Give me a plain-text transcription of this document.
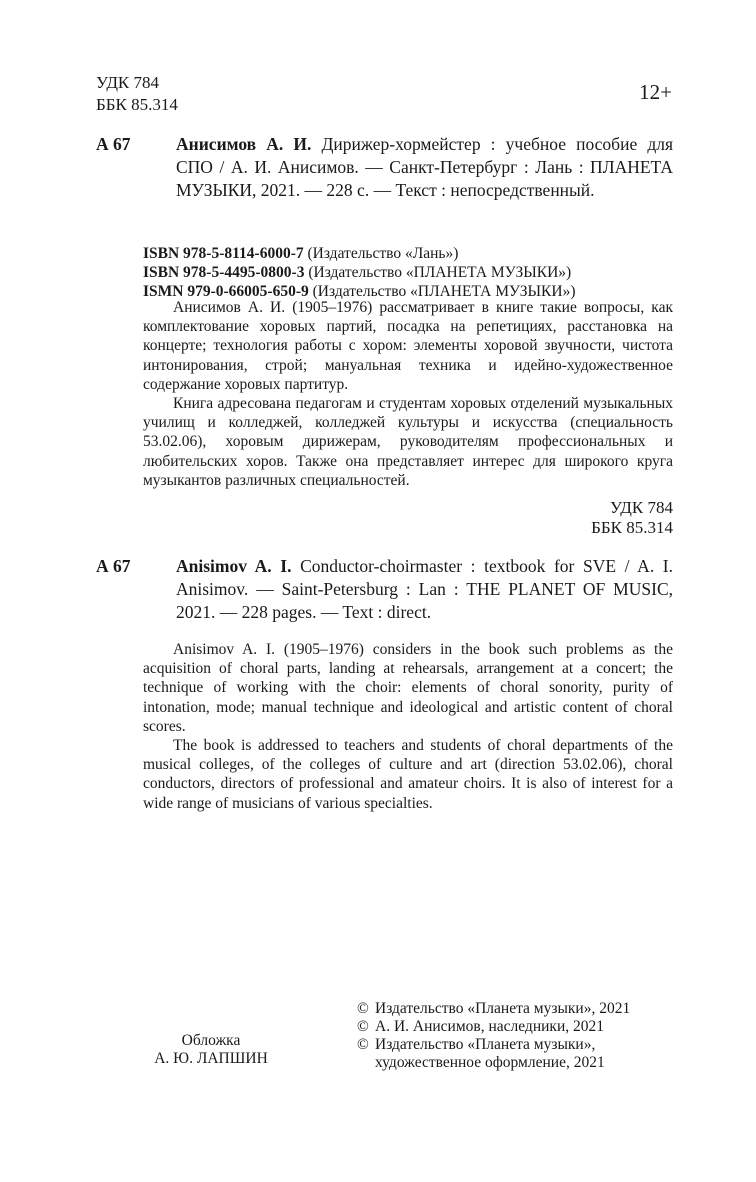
УДК 784
ББК 85.314
12+
А 67	Анисимов А. И. Дирижер-хормейстер : учебное пособие для СПО / А. И. Анисимов. — Санкт-Петербург : Лань : ПЛАНЕТА МУЗЫКИ, 2021. — 228 с. — Текст : непосредственный.
ISBN 978-5-8114-6000-7 (Издательство «Лань»)
ISBN 978-5-4495-0800-3 (Издательство «ПЛАНЕТА МУЗЫКИ»)
ISMN 979-0-66005-650-9 (Издательство «ПЛАНЕТА МУЗЫКИ»)

Анисимов А. И. (1905–1976) рассматривает в книге такие вопросы, как комплектование хоровых партий, посадка на репетициях, расстановка на концерте; технология работы с хором: элементы хоровой звучности, чистота интонирования, строй; мануальная техника и идейно-художественное содержание хоровых партитур.

Книга адресована педагогам и студентам хоровых отделений музыкальных училищ и колледжей, колледжей культуры и искусства (специальность 53.02.06), хоровым дирижерам, руководителям профессиональных и любительских хоров. Также она представляет интерес для широкого круга музыкантов различных специальностей.

УДК 784
ББК 85.314
А 67	Anisimov A. I. Conductor-choirmaster : textbook for SVE / A. I. Anisimov. — Saint-Petersburg : Lan : THE PLANET OF MUSIC, 2021. — 228 pages. — Text : direct.

Anisimov A. I. (1905–1976) considers in the book such problems as the acquisition of choral parts, landing at rehearsals, arrangement at a concert; the technique of working with the choir: elements of choral sonority, purity of intonation, mode; manual technique and ideological and artistic content of choral scores.

The book is addressed to teachers and students of choral departments of the musical colleges, of the colleges of culture and art (direction 53.02.06), choral conductors, directors of professional and amateur choirs. It is also of interest for a wide range of musicians of various specialties.

Обложка
А. Ю. ЛАПШИН
© Издательство «Планета музыки», 2021
© А. И. Анисимов, наследники, 2021
© Издательство «Планета музыки», художественное оформление, 2021
